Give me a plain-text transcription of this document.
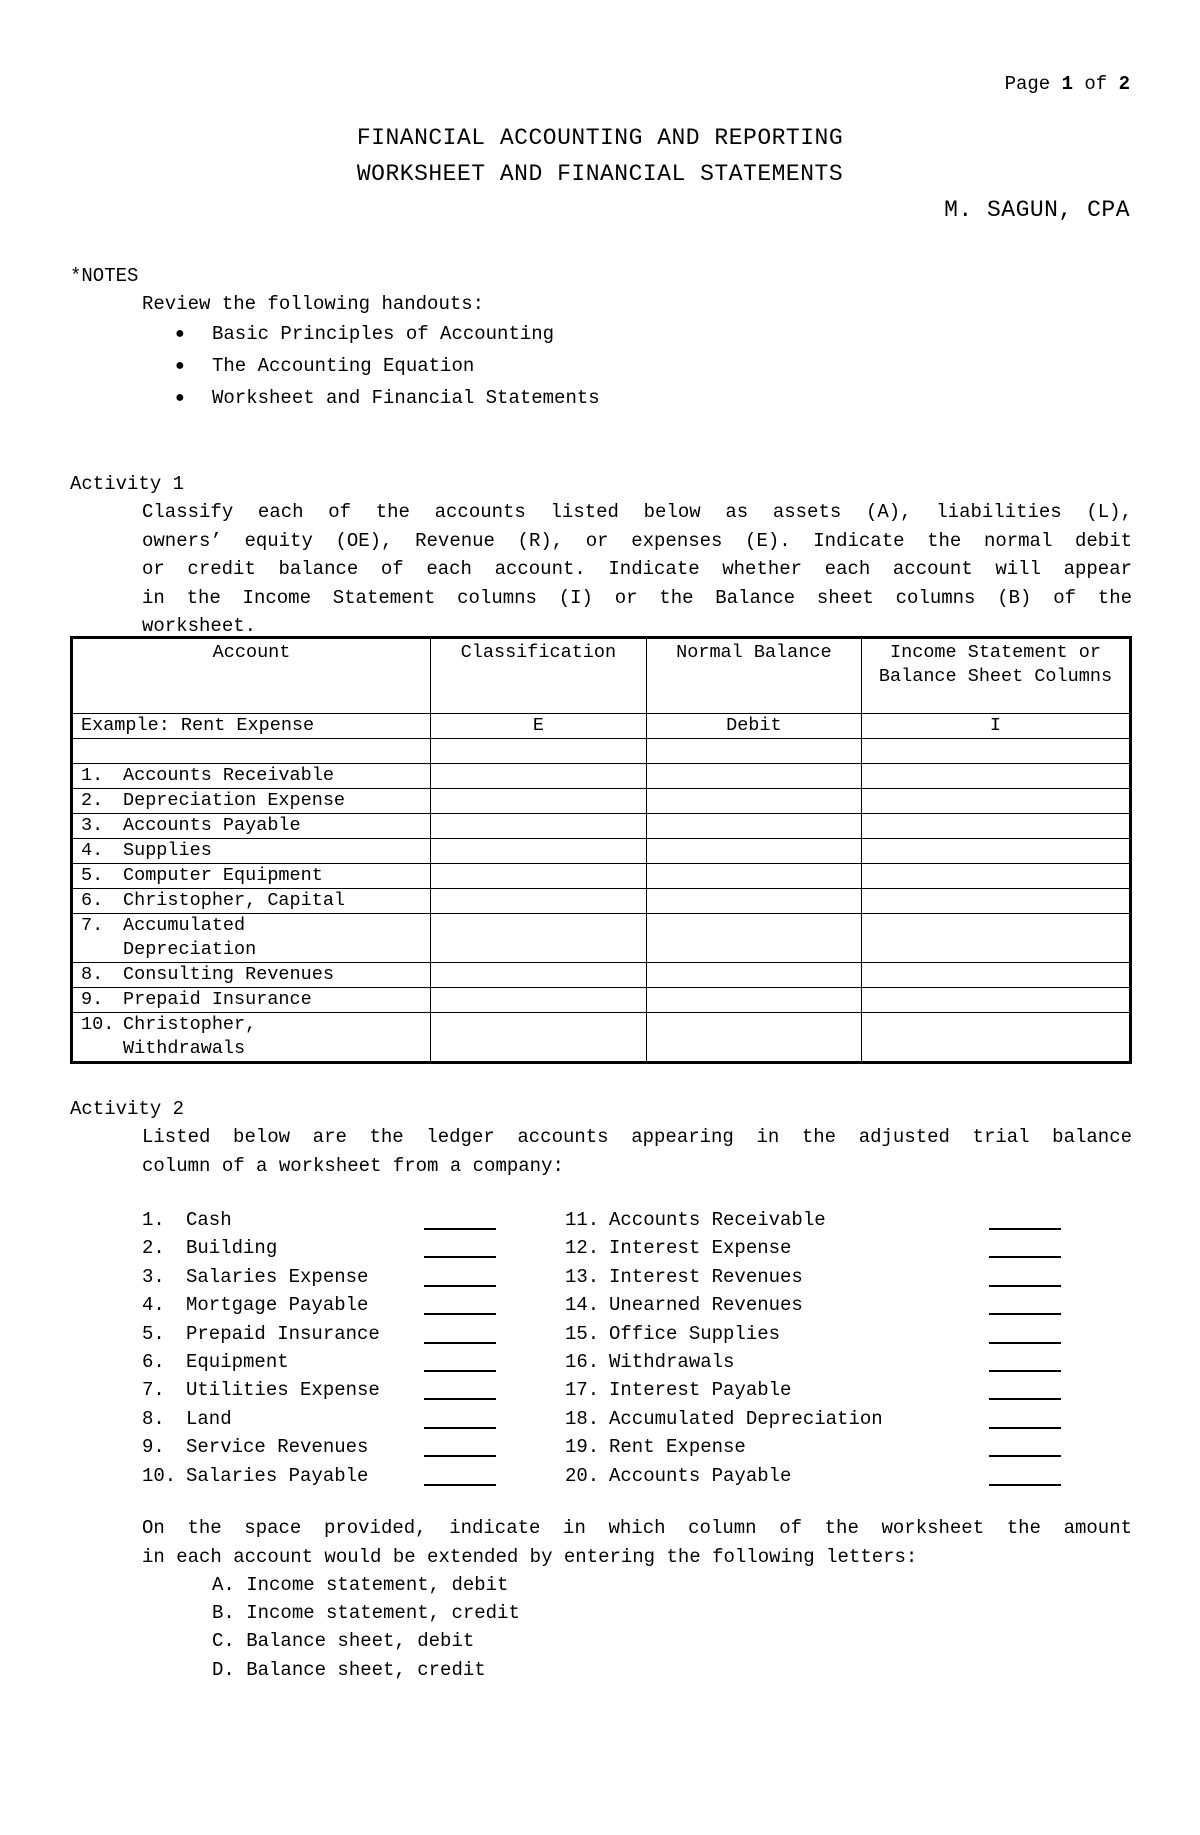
Page 1 of 2
FINANCIAL ACCOUNTING AND REPORTING
WORKSHEET AND FINANCIAL STATEMENTS
M. SAGUN, CPA
*NOTES
Review the following handouts:
● Basic Principles of Accounting
● The Accounting Equation
● Worksheet and Financial Statements
Activity 1
Classify each of the accounts listed below as assets (A), liabilities (L),
owners’ equity (OE), Revenue (R), or expenses (E). Indicate the normal debit
or credit balance of each account. Indicate whether each account will appear
in the Income Statement columns (I) or the Balance sheet columns (B) of the
worksheet.
Account	Classification	Normal Balance	Income Statement or Balance Sheet Columns
Example: Rent Expense	E	Debit	I

1. Accounts Receivable			

2. Depreciation Expense			

3. Accounts Payable			

4. Supplies			

5. Computer Equipment			

6. Christopher, Capital			

7. Accumulated Depreciation			

8. Consulting Revenues			

9. Prepaid Insurance			

10. Christopher, Withdrawals			

Activity 2
Listed below are the ledger accounts appearing in the adjusted trial balance
column of a worksheet from a company:
1. Cash
2. Building
3. Salaries Expense
4. Mortgage Payable
5. Prepaid Insurance
6. Equipment
7. Utilities Expense
8. Land
9. Service Revenues
10. Salaries Payable
11. Accounts Receivable
12. Interest Expense
13. Interest Revenues
14. Unearned Revenues
15. Office Supplies
16. Withdrawals
17. Interest Payable
18. Accumulated Depreciation
19. Rent Expense
20. Accounts Payable
On the space provided, indicate in which column of the worksheet the amount
in each account would be extended by entering the following letters:
A. Income statement, debit
B. Income statement, credit
C. Balance sheet, debit
D. Balance sheet, credit
